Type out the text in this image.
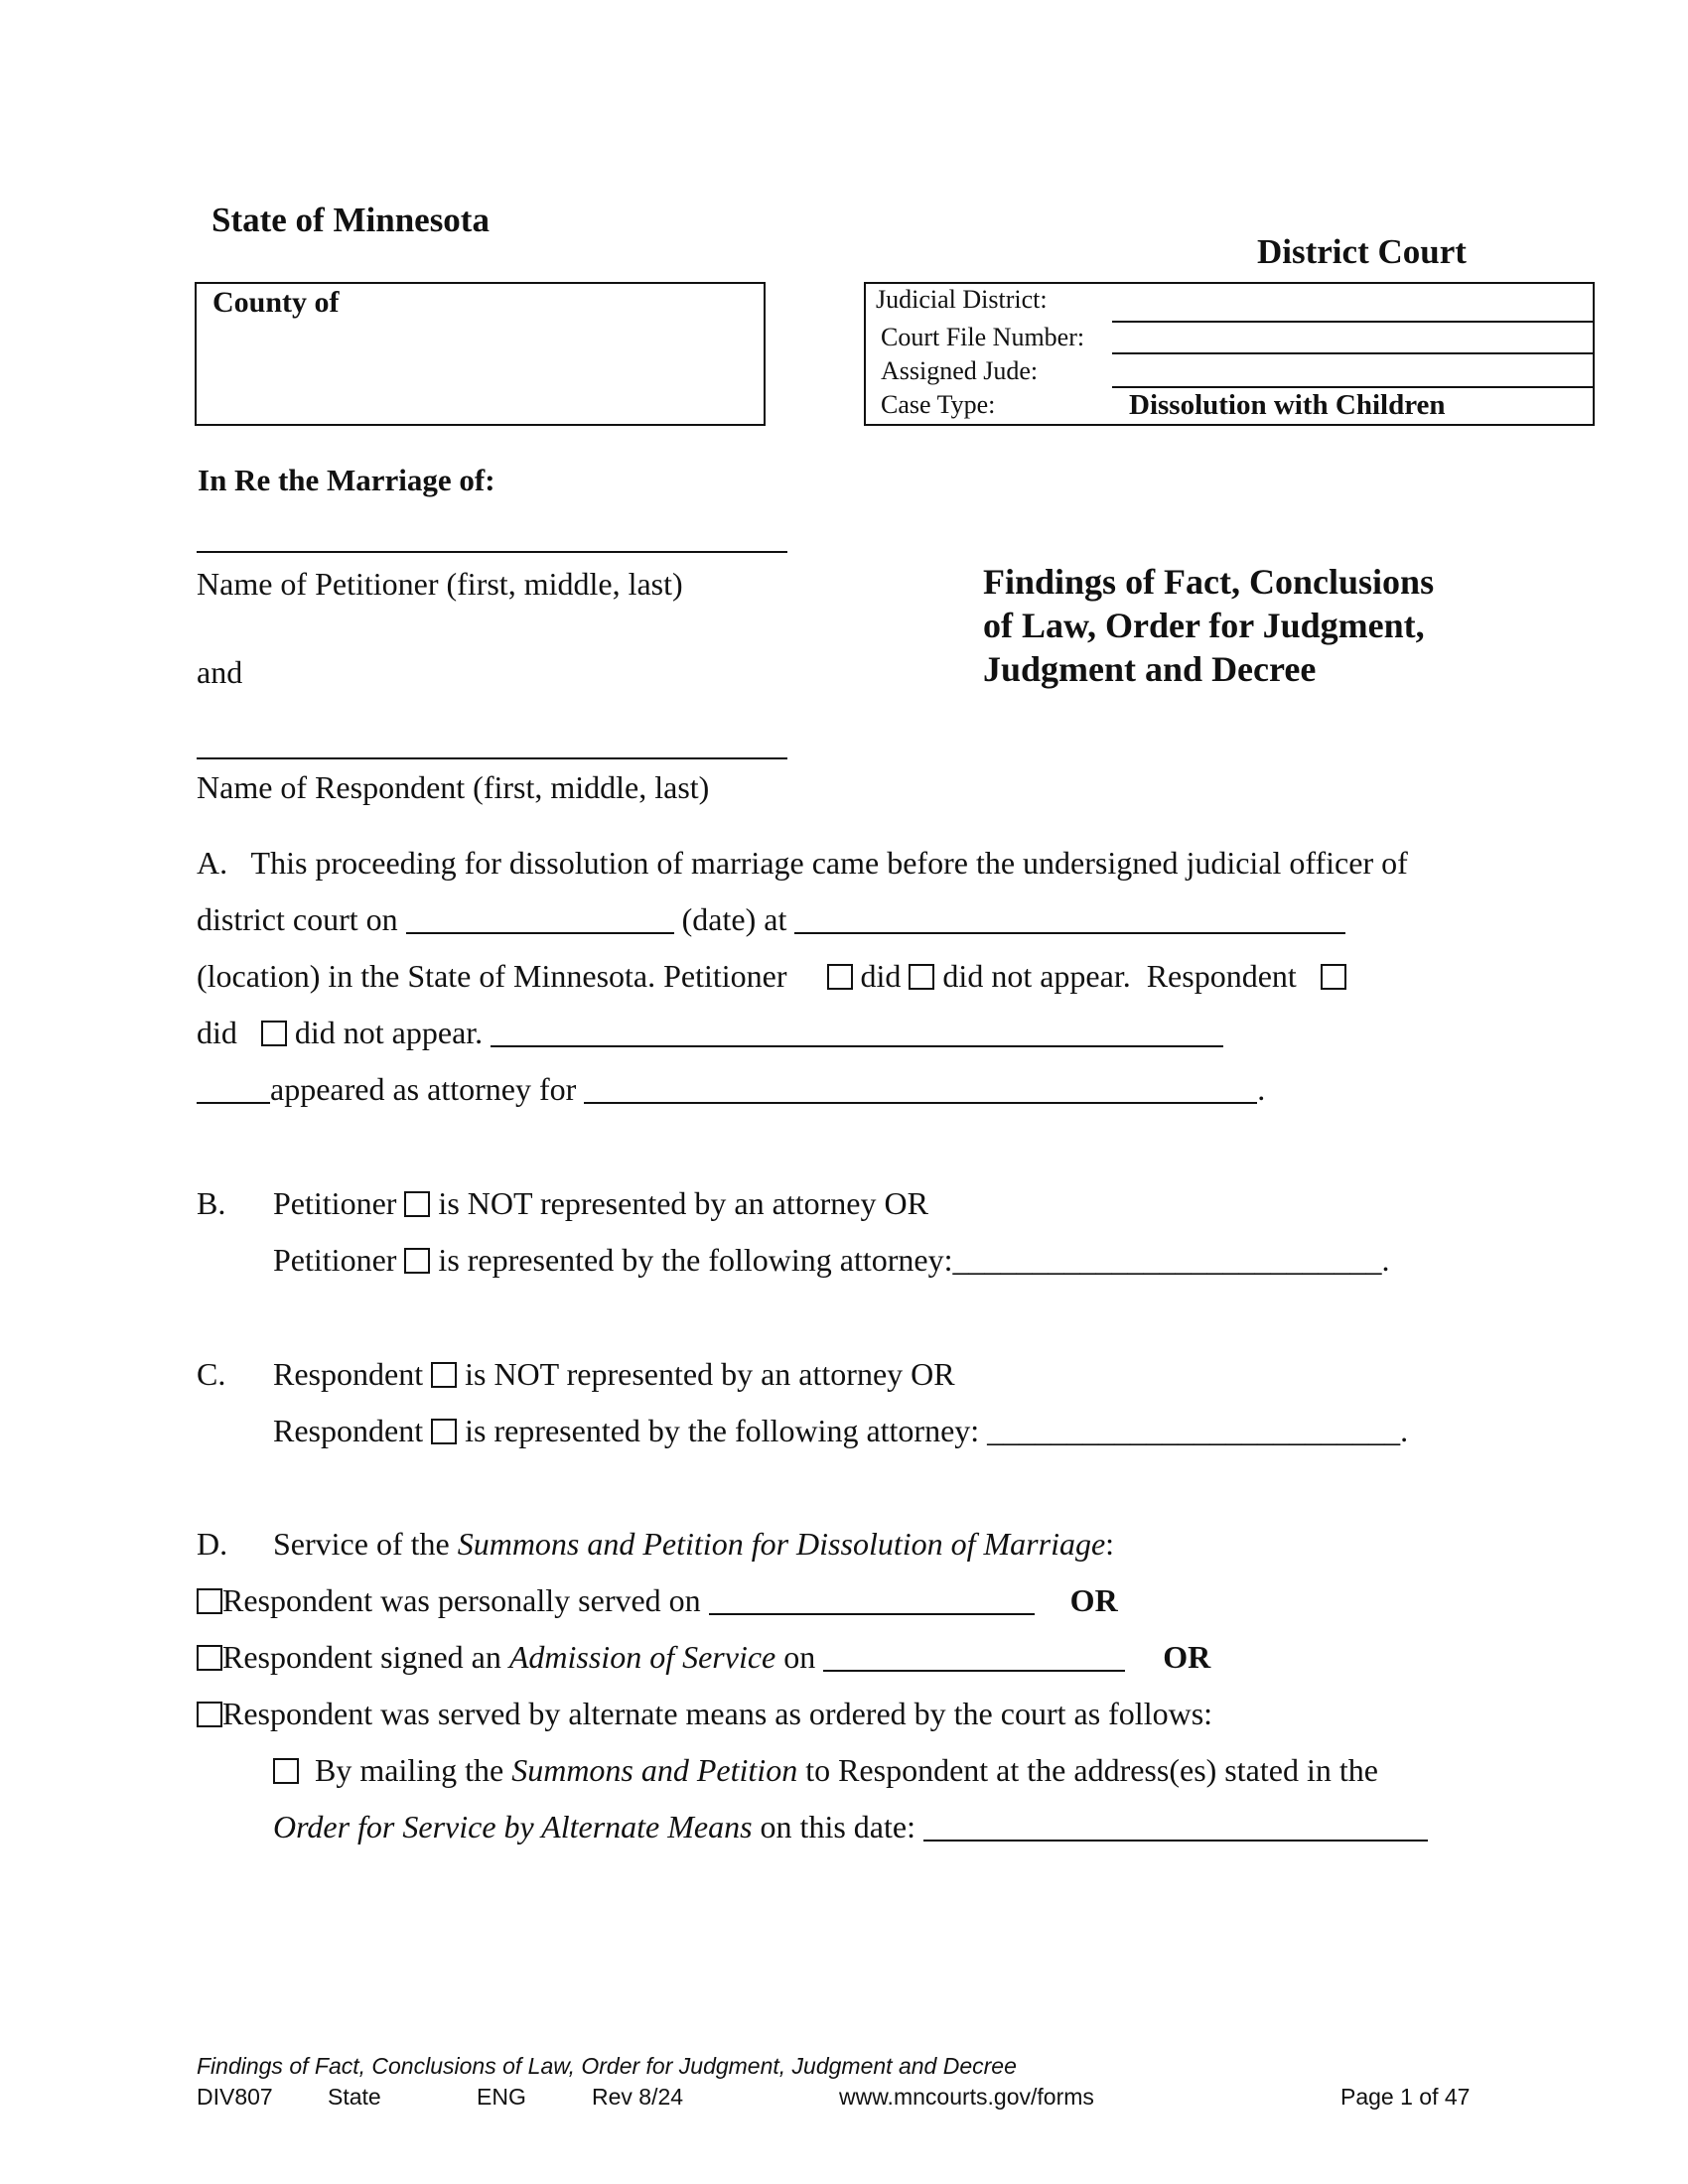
State of Minnesota
District Court
County of	Judicial District:
Court File Number:
Assigned Jude:
Case Type:	Dissolution with Children
In Re the Marriage of:
Name of Petitioner (first, middle, last)
and
Name of Respondent (first, middle, last)
Findings of Fact, Conclusions
of Law, Order for Judgment,
Judgment and Decree
A. This proceeding for dissolution of marriage came before the undersigned judicial officer of
district court on	(date) at
(location) in the State of Minnesota. Petitioner did did not appear. Respondent
did did not appear.
appeared as attorney for	.
B. Petitioner is NOT represented by an attorney OR
Petitioner is represented by the following attorney:___________________________.
C. Respondent is NOT represented by an attorney OR
Respondent is represented by the following attorney: __________________________.
D. Service of the Summons and Petition for Dissolution of Marriage:
Respondent was personally served on	OR
Respondent signed an Admission of Service on	OR
Respondent was served by alternate means as ordered by the court as follows:
By mailing the Summons and Petition to Respondent at the address(es) stated in the
Order for Service by Alternate Means on this date:
Findings of Fact, Conclusions of Law, Order for Judgment, Judgment and Decree
DIV807 State	ENG	Rev 8/24	www.mncourts.gov/forms	Page 1 of 47
